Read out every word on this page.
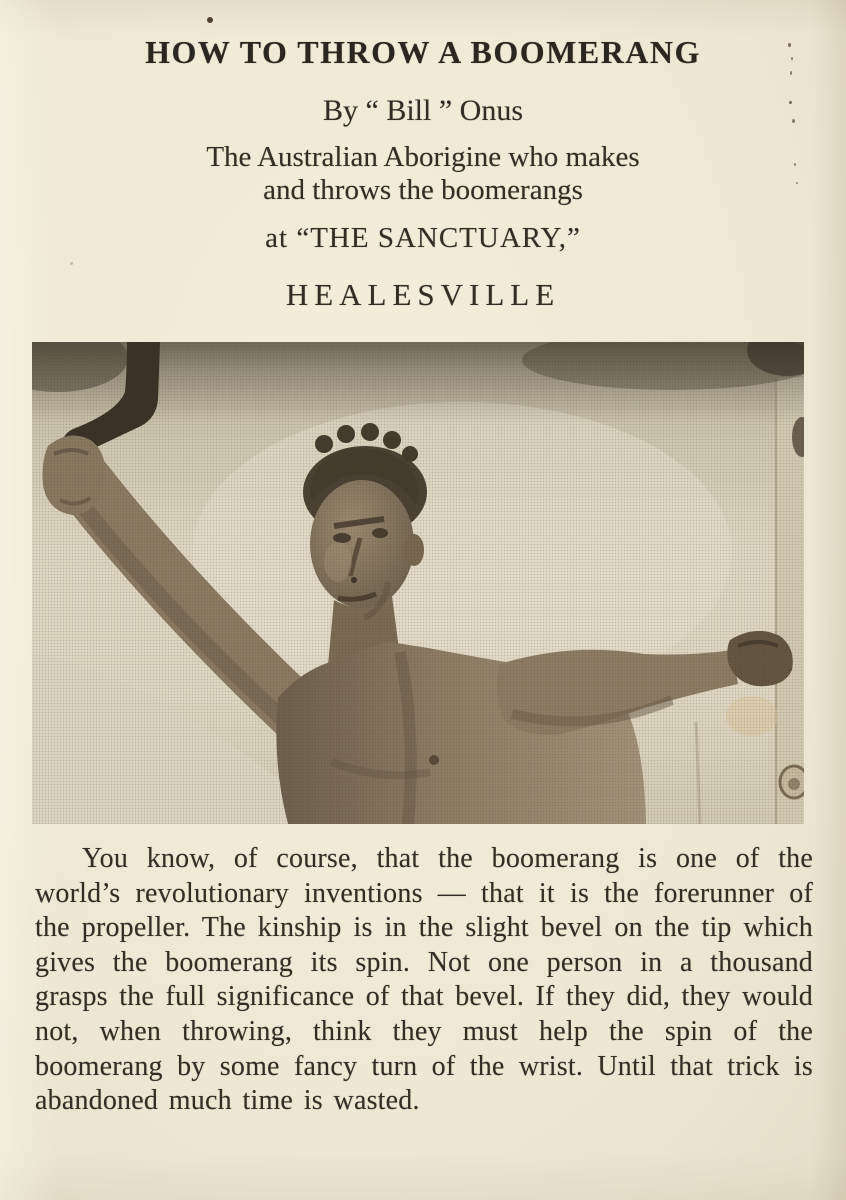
HOW TO THROW A BOOMERANG
By “ Bill ” Onus
The Australian Aborigine who makes
and throws the boomerangs
at “THE SANCTUARY,”
HEALESVILLE
You know, of course, that the boomerang is one of the world’s revolutionary inventions — that it is the forerunner of the propeller. The kinship is in the slight bevel on the tip which gives the boomerang its spin. Not one person in a thousand grasps the full significance of that bevel. If they did, they would not, when throwing, think they must help the spin of the boomerang by some fancy turn of the wrist. Until that trick is abandoned much time is wasted.
